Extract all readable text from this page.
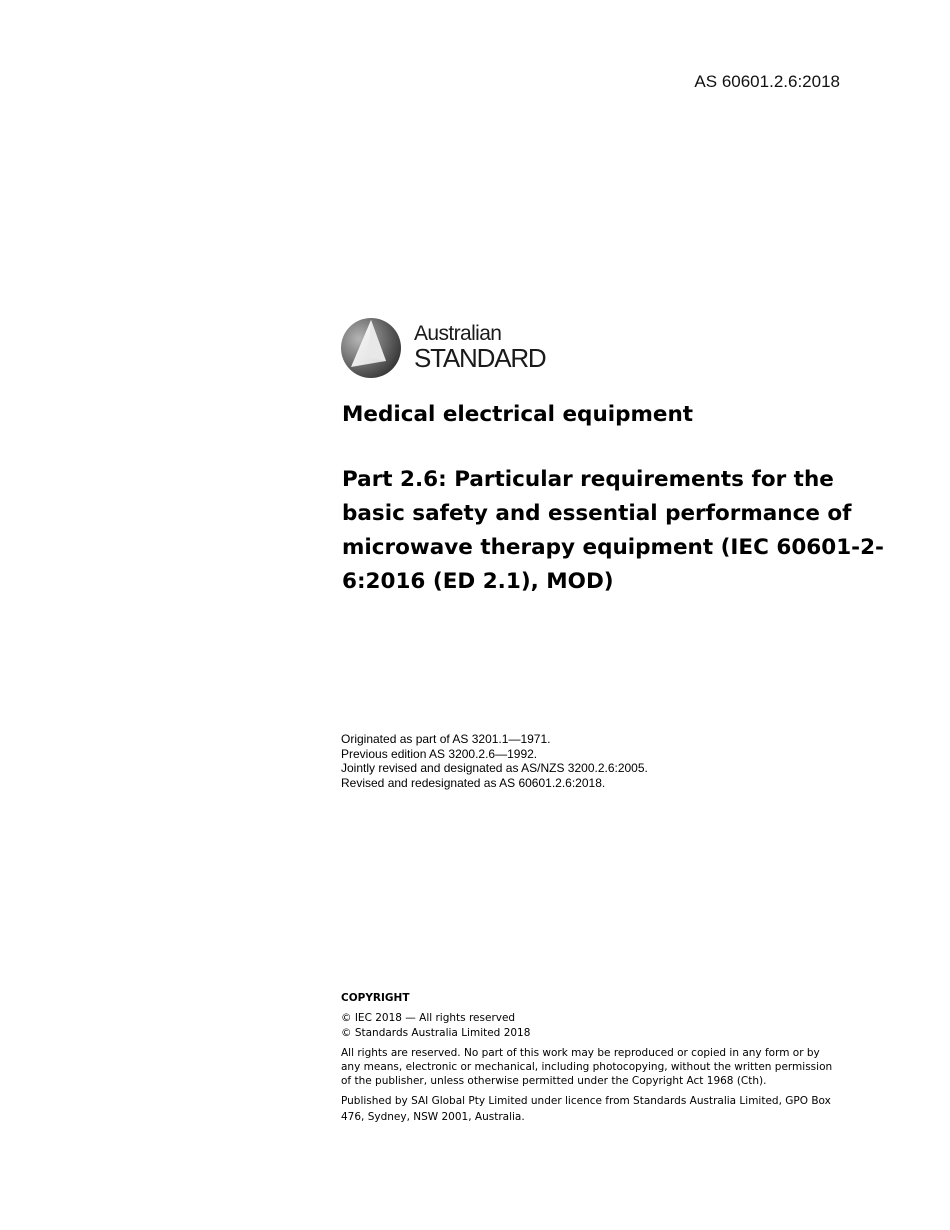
AS 60601.2.6:2018
Australian
STANDARD
Medical electrical equipment
Part 2.6: Particular requirements for the basic safety and essential performance of microwave therapy equipment (IEC 60601-2-6:2016 (ED 2.1), MOD)
Originated as part of AS 3201.1—1971.
Previous edition AS 3200.2.6—1992.
Jointly revised and designated as AS/NZS 3200.2.6:2005.
Revised and redesignated as AS 60601.2.6:2018.
COPYRIGHT
© IEC 2018 — All rights reserved
© Standards Australia Limited 2018

All rights are reserved. No part of this work may be reproduced or copied in any form or by any means, electronic or mechanical, including photocopying, without the written permission of the publisher, unless otherwise permitted under the Copyright Act 1968 (Cth).

Published by SAI Global Pty Limited under licence from Standards Australia Limited, GPO Box 476, Sydney, NSW 2001, Australia.
